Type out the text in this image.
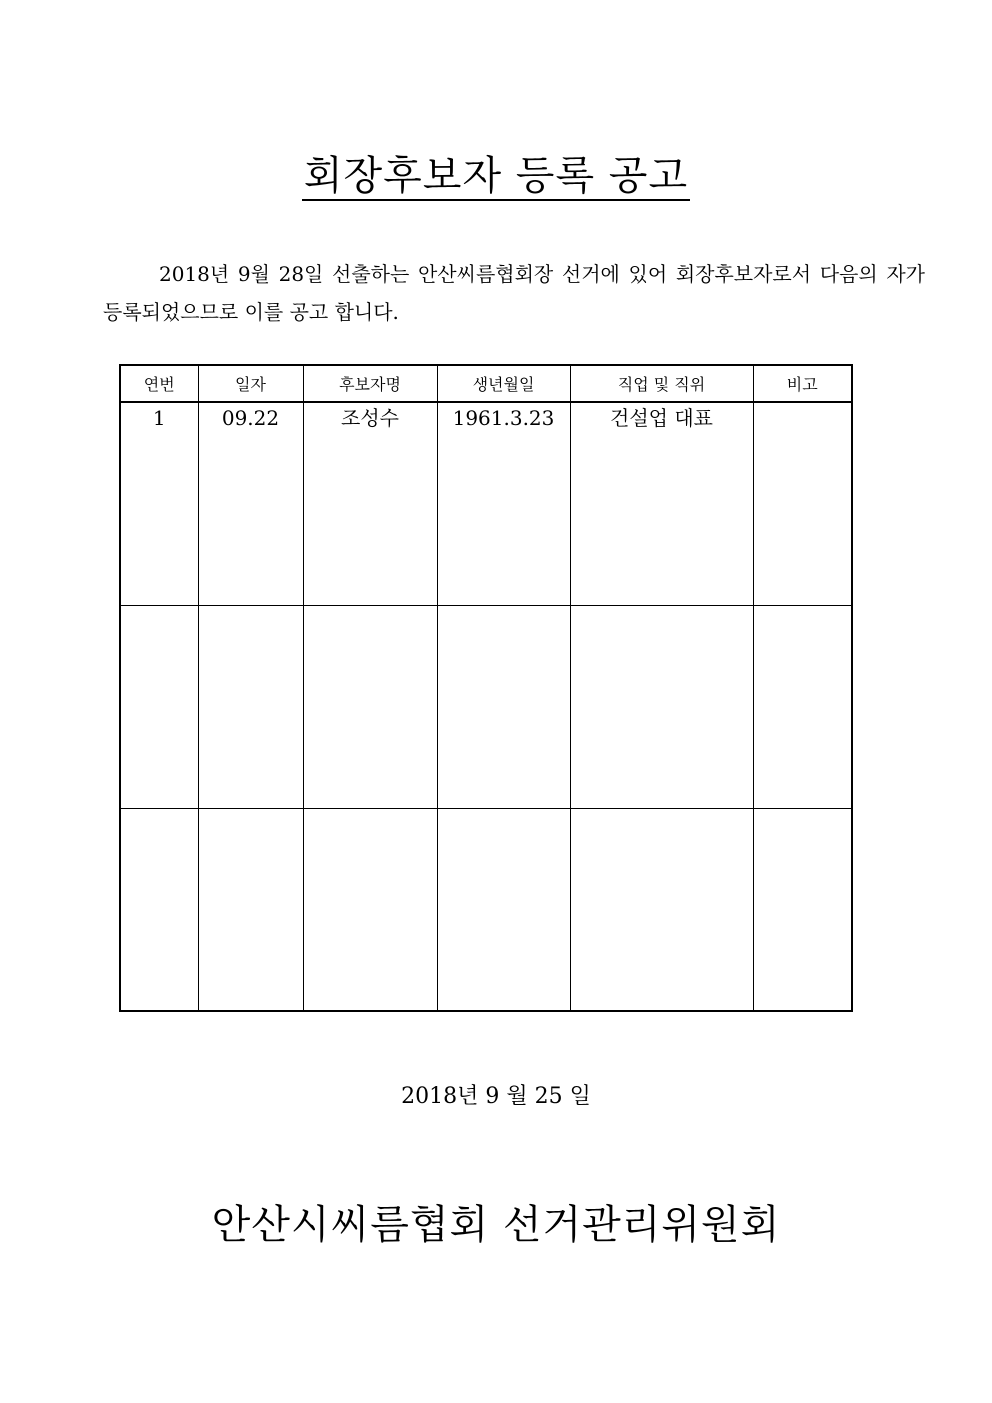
회장후보자 등록 공고
2018년 9월 28일 선출하는 안산씨름협회장 선거에 있어 회장후보자로서 다음의 자가 등록되었으므로 이를 공고 합니다.
연번	일자	후보자명	생년월일	직업 및 직위	비고
1	09.22	조성수	1961.3.23	건설업 대표	

2018년 9 월 25 일
안산시씨름협회 선거관리위원회
